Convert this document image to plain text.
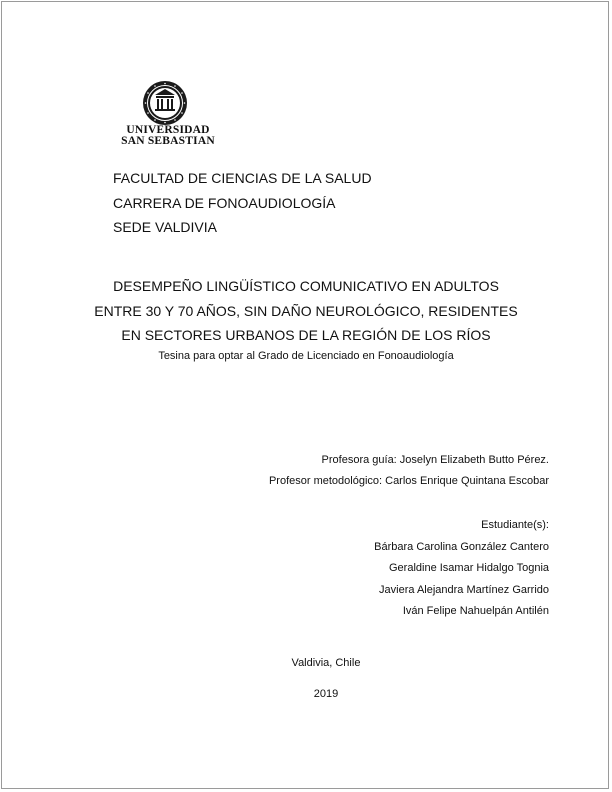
UNIVERSIDAD
SAN SEBASTIAN
FACULTAD DE CIENCIAS DE LA SALUD
CARRERA DE FONOAUDIOLOGÍA
SEDE VALDIVIA
DESEMPEÑO LINGÜÍSTICO COMUNICATIVO EN ADULTOS
ENTRE 30 Y 70 AÑOS, SIN DAÑO NEUROLÓGICO, RESIDENTES
EN SECTORES URBANOS DE LA REGIÓN DE LOS RÍOS
Tesina para optar al Grado de Licenciado en Fonoaudiología
Profesora guía: Joselyn Elizabeth Butto Pérez.
Profesor metodológico: Carlos Enrique Quintana Escobar
Estudiante(s):
Bárbara Carolina González Cantero
Geraldine Isamar Hidalgo Tognia
Javiera Alejandra Martínez Garrido
Iván Felipe Nahuelpán Antilén
Valdivia, Chile
2019
